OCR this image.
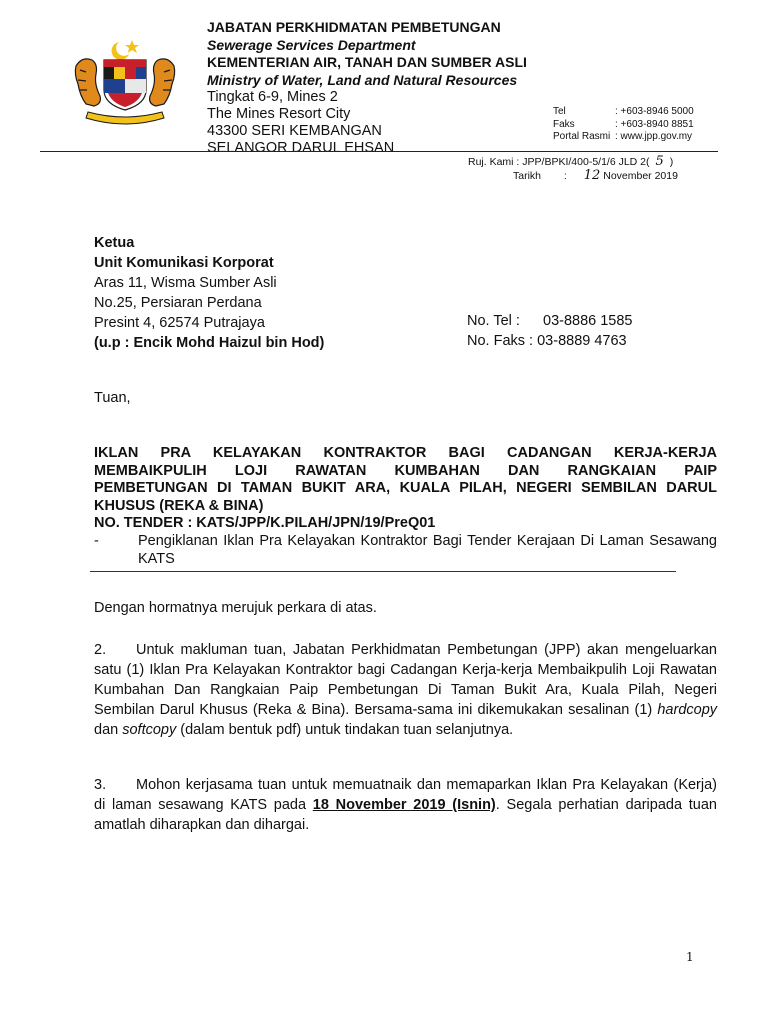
JABATAN PERKHIDMATAN PEMBETUNGAN
Sewerage Services Department
KEMENTERIAN AIR, TANAH DAN SUMBER ASLI
Ministry of Water, Land and Natural Resources
Tingkat 6-9, Mines 2
The Mines Resort City
43300 SERI KEMBANGAN
SELANGOR DARUL EHSAN
Tel	: +603-8946 5000
Faks	: +603-8940 8851
Portal Rasmi : www.jpp.gov.my
Ruj. Kami : JPP/BPKI/400-5/1/6 JLD 2( 5 )
Tarikh : 12 November 2019
Ketua
Unit Komunikasi Korporat
Aras 11, Wisma Sumber Asli
No.25, Persiaran Perdana
Presint 4, 62574 Putrajaya
(u.p : Encik Mohd Haizul bin Hod)
No. Tel : 03-8886 1585
No. Faks : 03-8889 4763
Tuan,
IKLAN PRA KELAYAKAN KONTRAKTOR BAGI CADANGAN KERJA-KERJA
MEMBAIKPULIH LOJI RAWATAN KUMBAHAN DAN RANGKAIAN PAIP
PEMBETUNGAN DI TAMAN BUKIT ARA, KUALA PILAH, NEGERI SEMBILAN DARUL
KHUSUS (REKA & BINA)
NO. TENDER : KATS/JPP/K.PILAH/JPN/19/PreQ01
-	Pengiklanan Iklan Pra Kelayakan Kontraktor Bagi Tender Kerajaan Di Laman Sesawang KATS
Dengan hormatnya merujuk perkara di atas.
2. Untuk makluman tuan, Jabatan Perkhidmatan Pembetungan (JPP) akan mengeluarkan satu (1) Iklan Pra Kelayakan Kontraktor bagi Cadangan Kerja-kerja Membaikpulih Loji Rawatan Kumbahan Dan Rangkaian Paip Pembetungan Di Taman Bukit Ara, Kuala Pilah, Negeri Sembilan Darul Khusus (Reka & Bina). Bersama-sama ini dikemukakan sesalinan (1) hardcopy dan softcopy (dalam bentuk pdf) untuk tindakan tuan selanjutnya.
3. Mohon kerjasama tuan untuk memuatnaik dan memaparkan Iklan Pra Kelayakan (Kerja) di laman sesawang KATS pada 18 November 2019 (Isnin). Segala perhatian daripada tuan amatlah diharapkan dan dihargai.
1
